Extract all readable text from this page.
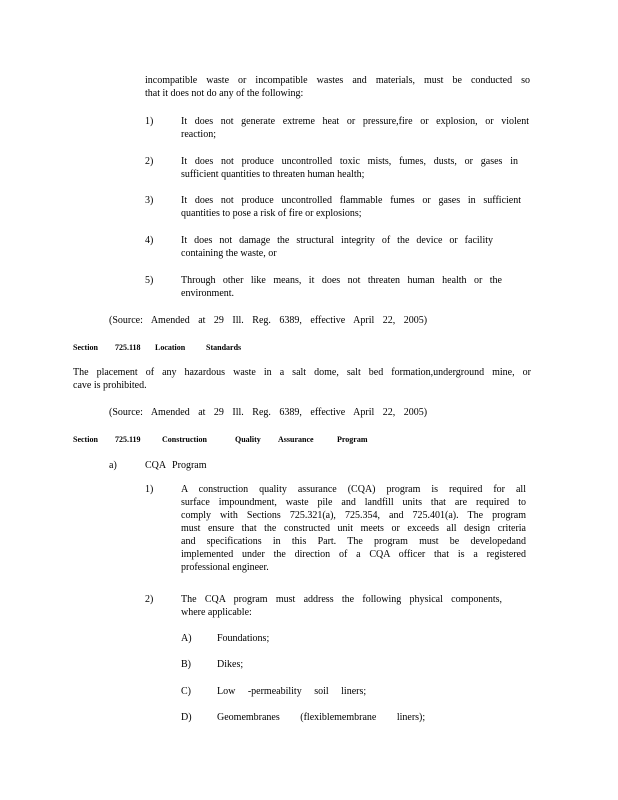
incompatible waste or incompatible wastes and materials, must be conducted so
that it does not do any of the following:
1)	It does not generate extreme heat or pressure,fire or explosion, or violent
reaction;
2)	It does not produce uncontrolled toxic mists, fumes, dusts, or gases in
sufficient quantities to threaten human health;
3)	It does not produce uncontrolled flammable fumes or gases in sufficient
quantities to pose a risk of fire or explosions;
4)	It does not damage the structural integrity of the device or facility
containing the waste, or
5)	Through other like means, it does not threaten human health or the
environment.
(Source: Amended at 29 Ill. Reg. 6389, effective April 22, 2005)
Section 725.118 Location	Standards
The placement of any hazardous waste in a salt dome, salt bed formation,underground mine, or
cave is prohibited.
(Source: Amended at 29 Ill. Reg. 6389, effective April 22, 2005)
Section 725.119	Construction	Quality Assurance	Program
a)	CQA Program
1)	A construction quality assurance (CQA) program is required for all
surface impoundment, waste pile and landfill units that are required to
comply with Sections 725.321(a), 725.354, and 725.401(a). The program
must ensure that the constructed unit meets or exceeds all design criteria
and specifications in this Part. The program must be developedand
implemented under the direction of a CQA officer that is a registered
professional engineer.
2)	The CQA program must address the following physical components,
where applicable:
A)	Foundations;
B)	Dikes;
C)	Low -permeability soil liners;
D)	Geomembranes (flexiblemembrane liners);
